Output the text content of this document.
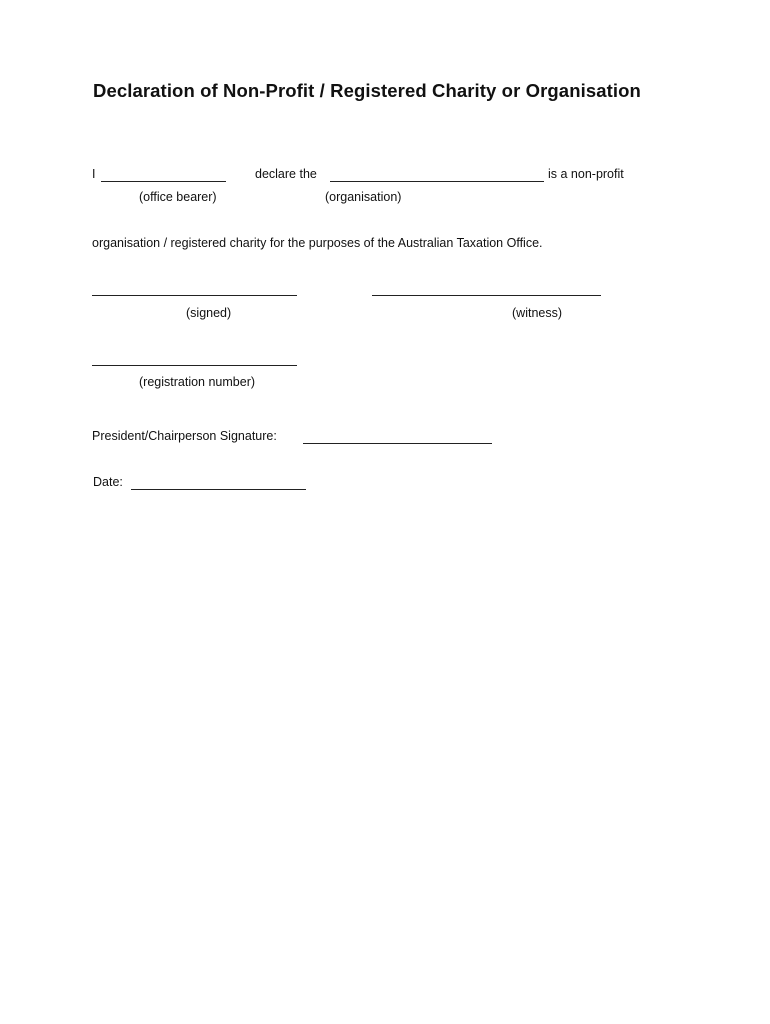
Declaration of Non-Profit / Registered Charity or Organisation
I	declare the	is a non-profit
(office bearer)	(organisation)
organisation / registered charity for the purposes of the Australian Taxation Office.
(signed)	(witness)
(registration number)
President/Chairperson Signature:
Date:
